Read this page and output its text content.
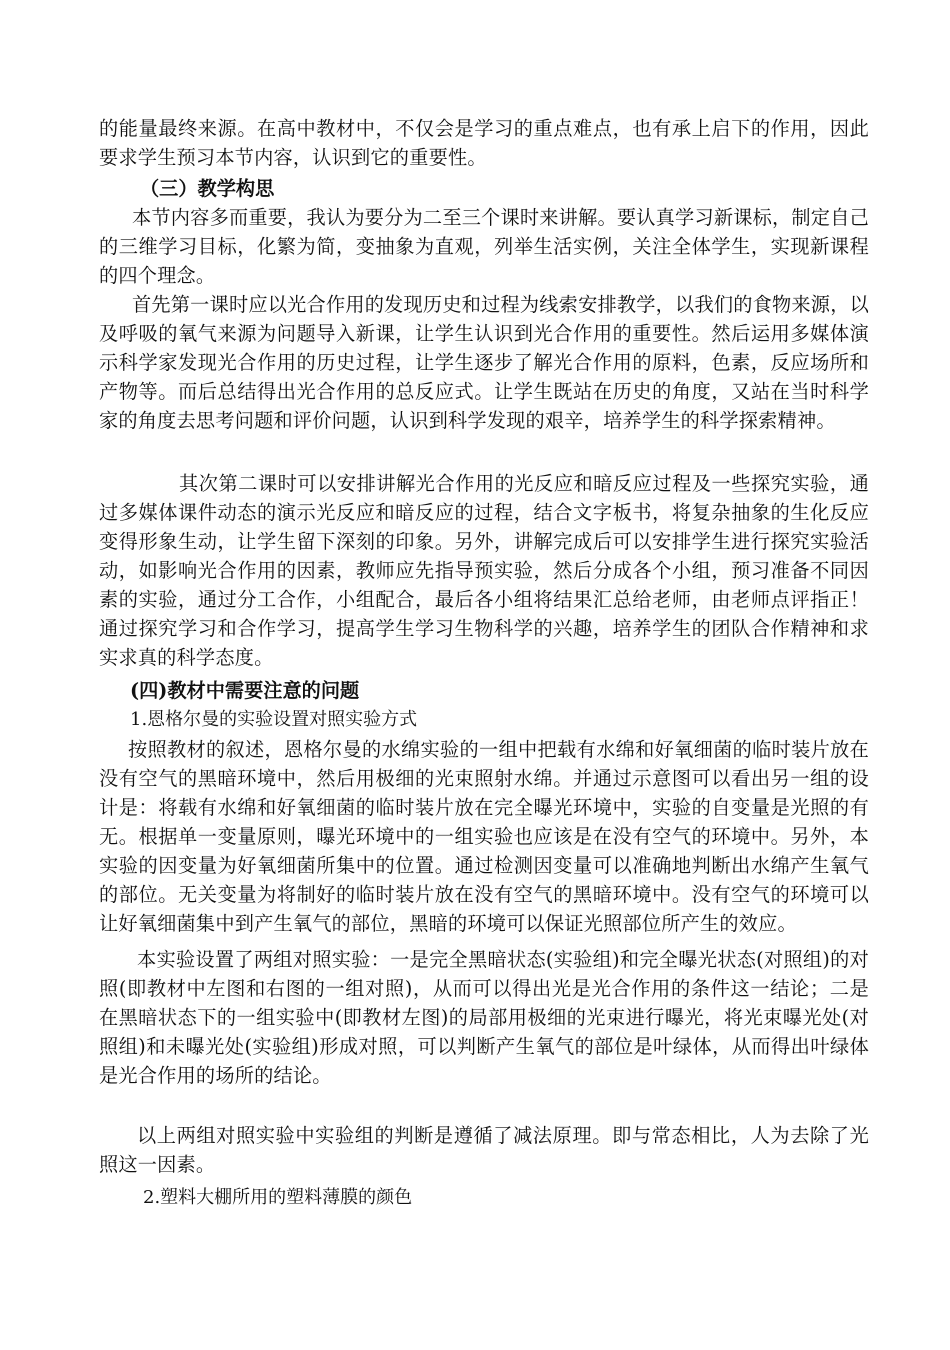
的能量最终来源。在高中教材中，不仅会是学习的重点难点，也有承上启下的作用，因此要求学生预习本节内容，认识到它的重要性。

（三）教学构思

本节内容多而重要，我认为要分为二至三个课时来讲解。要认真学习新课标，制定自己的三维学习目标，化繁为简，变抽象为直观，列举生活实例，关注全体学生，实现新课程的四个理念。

首先第一课时应以光合作用的发现历史和过程为线索安排教学，以我们的食物来源，以及呼吸的氧气来源为问题导入新课，让学生认识到光合作用的重要性。然后运用多媒体演示科学家发现光合作用的历史过程，让学生逐步了解光合作用的原料，色素，反应场所和产物等。而后总结得出光合作用的总反应式。让学生既站在历史的角度，又站在当时科学家的角度去思考问题和评价问题，认识到科学发现的艰辛，培养学生的科学探索精神。

其次第二课时可以安排讲解光合作用的光反应和暗反应过程及一些探究实验，通过多媒体课件动态的演示光反应和暗反应的过程，结合文字板书，将复杂抽象的生化反应变得形象生动，让学生留下深刻的印象。另外，讲解完成后可以安排学生进行探究实验活动，如影响光合作用的因素，教师应先指导预实验，然后分成各个小组，预习准备不同因素的实验，通过分工合作，小组配合，最后各小组将结果汇总给老师，由老师点评指正！通过探究学习和合作学习，提高学生学习生物科学的兴趣，培养学生的团队合作精神和求实求真的科学态度。

(四)教材中需要注意的问题

1.恩格尔曼的实验设置对照实验方式

按照教材的叙述，恩格尔曼的水绵实验的一组中把载有水绵和好氧细菌的临时装片放在没有空气的黑暗环境中，然后用极细的光束照射水绵。并通过示意图可以看出另一组的设计是：将载有水绵和好氧细菌的临时装片放在完全曝光环境中，实验的自变量是光照的有无。根据单一变量原则，曝光环境中的一组实验也应该是在没有空气的环境中。另外，本实验的因变量为好氧细菌所集中的位置。通过检测因变量可以准确地判断出水绵产生氧气的部位。无关变量为将制好的临时装片放在没有空气的黑暗环境中。没有空气的环境可以让好氧细菌集中到产生氧气的部位，黑暗的环境可以保证光照部位所产生的效应。

本实验设置了两组对照实验：一是完全黑暗状态(实验组)和完全曝光状态(对照组)的对照(即教材中左图和右图的一组对照)，从而可以得出光是光合作用的条件这一结论；二是在黑暗状态下的一组实验中(即教材左图)的局部用极细的光束进行曝光，将光束曝光处(对照组)和未曝光处(实验组)形成对照，可以判断产生氧气的部位是叶绿体，从而得出叶绿体是光合作用的场所的结论。

以上两组对照实验中实验组的判断是遵循了减法原理。即与常态相比，人为去除了光照这一因素。

2.塑料大棚所用的塑料薄膜的颜色
